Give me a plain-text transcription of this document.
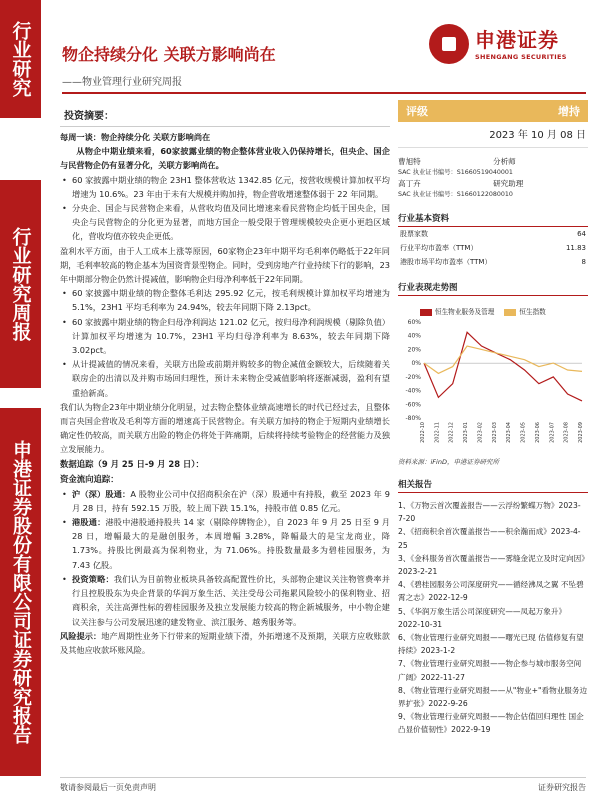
行业研究
行业研究周报
申港证券股份有限公司证券研究报告
物企持续分化 关联方影响尚在
——物业管理行业研究周报
申港证券
SHENGANG SECURITIES
投资摘要：

每周一谈：物企持续分化 关联方影响尚在

从物企中期业绩来看，60家披露业绩的物企整体营业收入仍保持增长，但央企、国企与民营物企仍有显著分化，关联方影响尚在。

• 60 家披露中期业绩的物企 23H1 整体营收达 1342.85 亿元，按营收规模计算加权平均增速为 10.6%。23 年由于未有大规模并购加持，物企营收增速整体弱于 22 年同期。
• 分央企、国企与民营物企来看，从营收均值及同比增速来看民营物企均低于国央企，国央企与民营物企的分化更为显著，而地方国企一般受限于管理规模较央企更小更趋区域化，营收均值亦较央企更低。

盈利水平方面，由于人工成本上涨等原因，60家物企23年中期平均毛利率仍略低于22年同期，毛利率较高的物企基本为国资背景型物企。同时，受到房地产行业持续下行的影响，23年中期部分物企仍然计提减值，影响物企归母净利率低于22年同期。

• 60 家披露中期业绩的物企整体毛利达 295.92 亿元，按毛利规模计算加权平均增速为 5.1%，23H1 平均毛利率为 24.94%，较去年同期下降 2.13pct。
• 60 家披露中期业绩的物企归母净利润达 121.02 亿元，按归母净利润规模（剔除负值）计算加权平均增速为 10.7%，23H1 平均归母净利率为 8.63%，较去年同期下降 3.02pct。
• 从计提减值的情况来看，关联方出险或前期并购较多的物企减值金额较大，后续随着关联房企的出清以及并购市场回归理性，预计未来物企受减值影响将逐渐减弱，盈利有望重拾新高。

我们认为物企23年中期业绩分化明显，过去物企整体业绩高速增长的时代已经过去，且整体而言央国企营收及毛利等方面的增速高于民营物企。有关联方加持的物企于短期内业绩增长确定性仍较高，而关联方出险的物企仍将处于阵痛期，后续将持续考验物企的经营能力及独立发展能力。

数据追踪（9 月 25 日-9 月 28 日）：

资金流向追踪：

• 沪（深）股通：A 股物业公司中仅招商积余在沪（深）股通中有持股，截至 2023 年 9 月 28 日，持有 592.15 万股，较上周下跌 15.1%，持股市值 0.85 亿元。
• 港股通：港股中港股通持股共 14 家（剔除停牌物企），自 2023 年 9 月 25 日至 9 月 28 日，增幅最大的是融创服务，本周增幅 3.28%，降幅最大的是宝龙商业，降 1.73%。持股比例最高为保利物业，为 71.06%。持股数量最多为碧桂园服务，为 7.43 亿股。
• 投资策略：我们认为目前物业板块具备较高配置性价比，头部物企建议关注物管费率并行且控股股东为央企背景的华润万象生活、关注受母公司拖累风险较小的保利物业、招商积余，关注高弹性标的碧桂园服务及独立发展能力较高的物企新城服务，中小物企建议关注参与公司发展迅速的建发物业、滨江服务、越秀服务等。

风险提示：地产周期性业务下行带来的短期业绩下滑，外拓增速不及预期，关联方应收账款及其他应收款坏账风险。

评级	增持
2023 年 10 月 08 日
曹旭特	分析师
SAC 执业证书编号：S1660519040001
高丁卉	研究助理
SAC 执业证书编号：S1660122080010
行业基本资料
股票家数	64
行业平均市盈率（TTM）	11.83
港股市场平均市盈率（TTM）	8
行业表现走势图
60%
40%
20%
0%
-20%
-40%
-60%
-80%
2022-10 2022-11 2022-12 2023-01 2023-02 2023-03 2023-04 2023-05 2023-06 2023-07 2023-08 2023-09
恒生物业服务及管理	恒生指数
资料来源：iFinD，申港证券研究所
相关报告

1、《万物云首次覆盖报告——云浮纷繁蝶万物》2023-7-20

2、《招商积余首次覆盖报告——积余瀚而成》2023-4-25

3、《金科服务首次覆盖报告——雾缝金泥立及时定向因》2023-2-21

4、《碧桂园服务公司深度研究——循经沸凤之翼 不坠碧霄之志》2022-12-9

5、《华润万象生活公司深度研究——凤起万象升》2022-10-31

6、《物业管理行业研究周报——曙光已现 估值修复有望持续》2023-1-2

7、《物业管理行业研究周报——物企参与城市服务空间广阔》2022-11-27

8、《物业管理行业研究周报——从"物业+"看物业服务边界扩张》2022-9-26

9、《物业管理行业研究周报——物企估值回归理性 国企凸显价值韧性》2022-9-19

敬请参阅最后一页免责声明	证券研究报告
